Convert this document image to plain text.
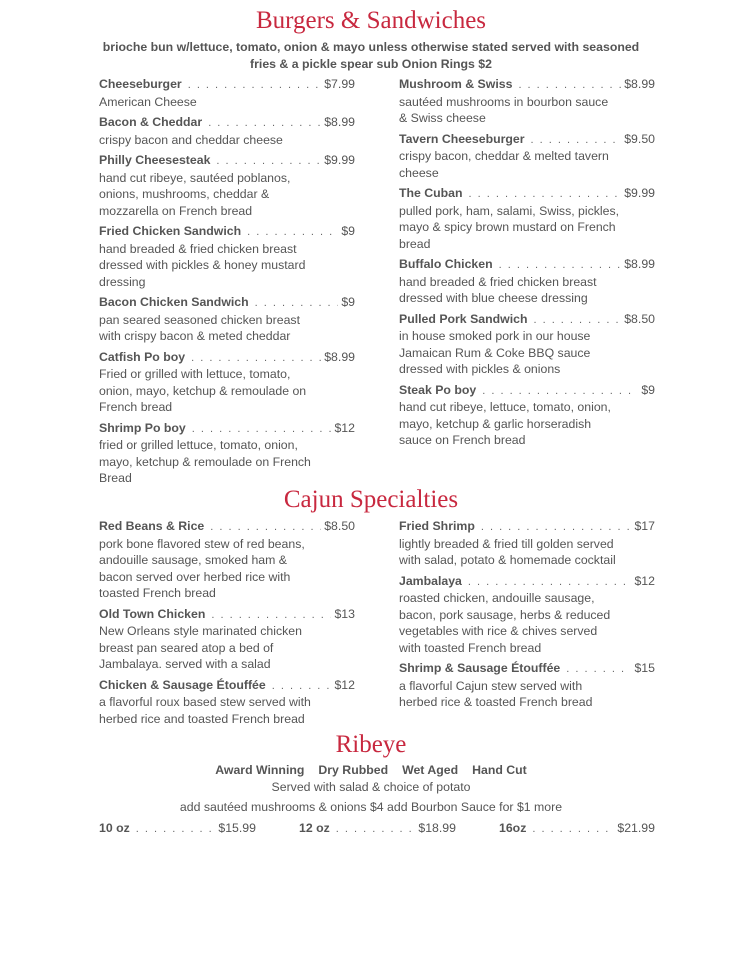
Burgers & Sandwiches
brioche bun w/lettuce, tomato, onion & mayo unless otherwise stated served with seasoned fries & a pickle spear sub Onion Rings $2
Cheeseburger . . .	$7.99
American Cheese
Bacon & Cheddar . . .	$8.99
crispy bacon and cheddar cheese
Philly Cheesesteak . . .	$9.99
hand cut ribeye, sautéed poblanos,
onions, mushrooms, cheddar &
mozzarella on French bread
Fried Chicken Sandwich . . .	$9
hand breaded & fried chicken breast
dressed with pickles & honey mustard
dressing
Bacon Chicken Sandwich . . .	$9
pan seared seasoned chicken breast
with crispy bacon & meted cheddar
Catfish Po boy . . .	$8.99
Fried or grilled with lettuce, tomato,
onion, mayo, ketchup & remoulade on
French bread
Shrimp Po boy . . .	$12
fried or grilled lettuce, tomato, onion,
mayo, ketchup & remoulade on French
Bread
Mushroom & Swiss . . .	$8.99
sautéed mushrooms in bourbon sauce
& Swiss cheese
Tavern Cheeseburger . . .	$9.50
crispy bacon, cheddar & melted tavern
cheese
The Cuban . . .	$9.99
pulled pork, ham, salami, Swiss, pickles,
mayo & spicy brown mustard on French
bread
Buffalo Chicken . . .	$8.99
hand breaded & fried chicken breast
dressed with blue cheese dressing
Pulled Pork Sandwich . . .	$8.50
in house smoked pork in our house
Jamaican Rum & Coke BBQ sauce
dressed with pickles & onions
Steak Po boy . . .	$9
hand cut ribeye, lettuce, tomato, onion,
mayo, ketchup & garlic horseradish
sauce on French bread
Cajun Specialties
Red Beans & Rice . . .	$8.50
pork bone flavored stew of red beans,
andouille sausage, smoked ham &
bacon served over herbed rice with
toasted French bread
Old Town Chicken . . .	$13
New Orleans style marinated chicken
breast pan seared atop a bed of
Jambalaya. served with a salad
Chicken & Sausage Étouffée . . .	$12
a flavorful roux based stew served with
herbed rice and toasted French bread
Fried Shrimp . . .	$17
lightly breaded & fried till golden served
with salad, potato & homemade cocktail
Jambalaya . . .	$12
roasted chicken, andouille sausage,
bacon, pork sausage, herbs & reduced
vegetables with rice & chives served
with toasted French bread
Shrimp & Sausage Étouffée . . .	$15
a flavorful Cajun stew served with
herbed rice & toasted French bread
Ribeye
Award Winning Dry Rubbed Wet Aged Hand Cut
Served with salad & choice of potato
add sautéed mushrooms & onions $4 add Bourbon Sauce for $1 more
10 oz . . .	$15.99	12 oz . . .	$18.99	16oz . . .	$21.99
